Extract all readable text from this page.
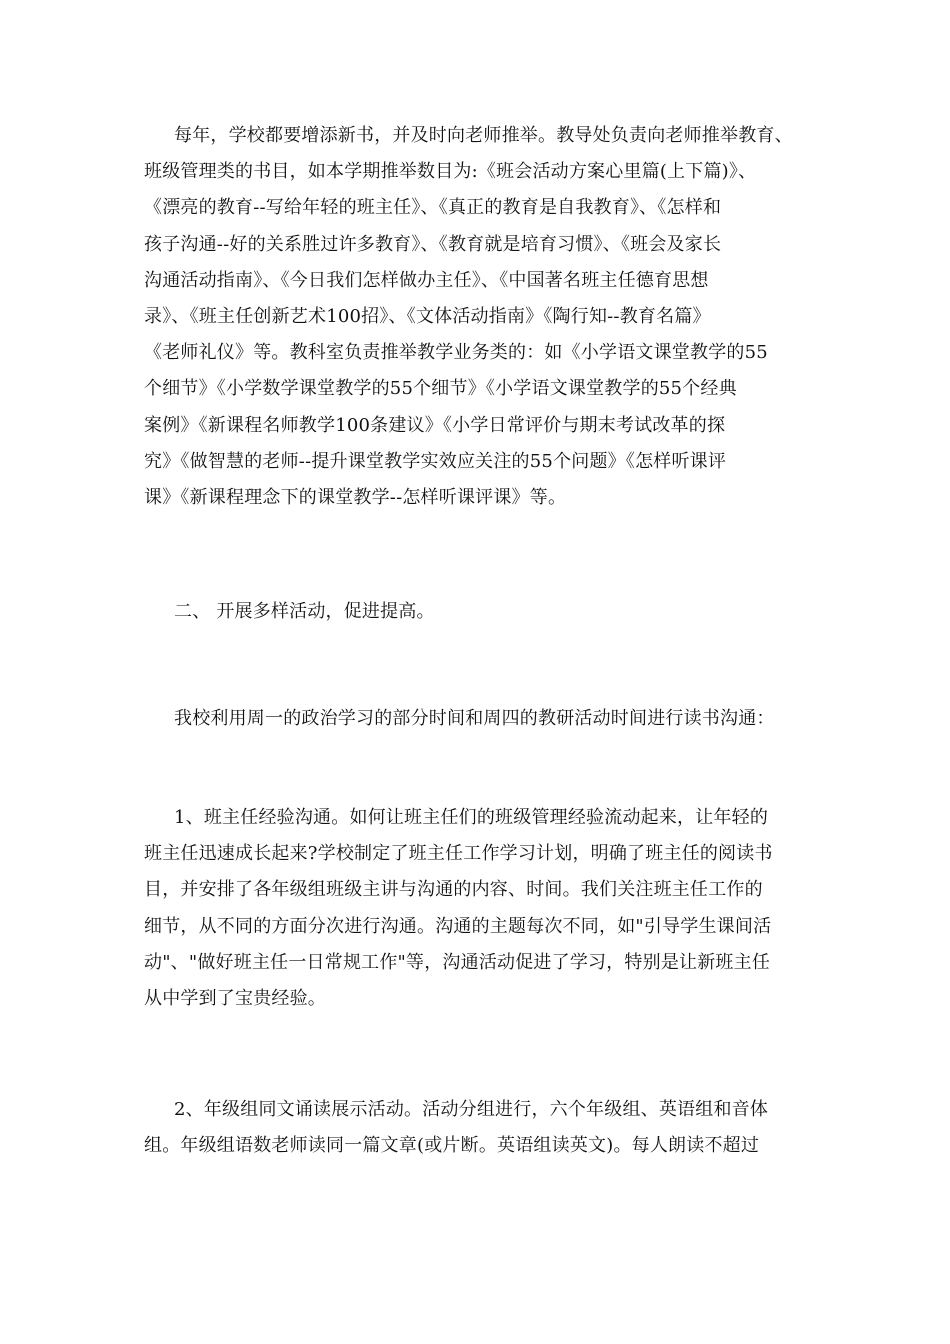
每年，学校都要增添新书，并及时向老师推举。教导处负责向老师推举教育、
班级管理类的书目，如本学期推举数目为:《班会活动方案心里篇(上下篇)》、
《漂亮的教育--写给年轻的班主任》、《真正的教育是自我教育》、《怎样和
孩子沟通--好的关系胜过许多教育》、《教育就是培育习惯》、《班会及家长
沟通活动指南》、《今日我们怎样做办主任》、《中国著名班主任德育思想
录》、《班主任创新艺术100招》、《文体活动指南》《陶行知--教育名篇》
《老师礼仪》等。教科室负责推举教学业务类的：如《小学语文课堂教学的55
个细节》《小学数学课堂教学的55个细节》《小学语文课堂教学的55个经典
案例》《新课程名师教学100条建议》《小学日常评价与期末考试改革的探
究》《做智慧的老师--提升课堂教学实效应关注的55个问题》《怎样听课评
课》《新课程理念下的课堂教学--怎样听课评课》等。

二、 开展多样活动，促进提高。

我校利用周一的政治学习的部分时间和周四的教研活动时间进行读书沟通：

1、班主任经验沟通。如何让班主任们的班级管理经验流动起来，让年轻的
班主任迅速成长起来?学校制定了班主任工作学习计划，明确了班主任的阅读书
目，并安排了各年级组班级主讲与沟通的内容、时间。我们关注班主任工作的
细节，从不同的方面分次进行沟通。沟通的主题每次不同，如"引导学生课间活
动"、"做好班主任一日常规工作"等，沟通活动促进了学习，特别是让新班主任
从中学到了宝贵经验。

2、年级组同文诵读展示活动。活动分组进行，六个年级组、英语组和音体
组。年级组语数老师读同一篇文章(或片断。英语组读英文)。每人朗读不超过
